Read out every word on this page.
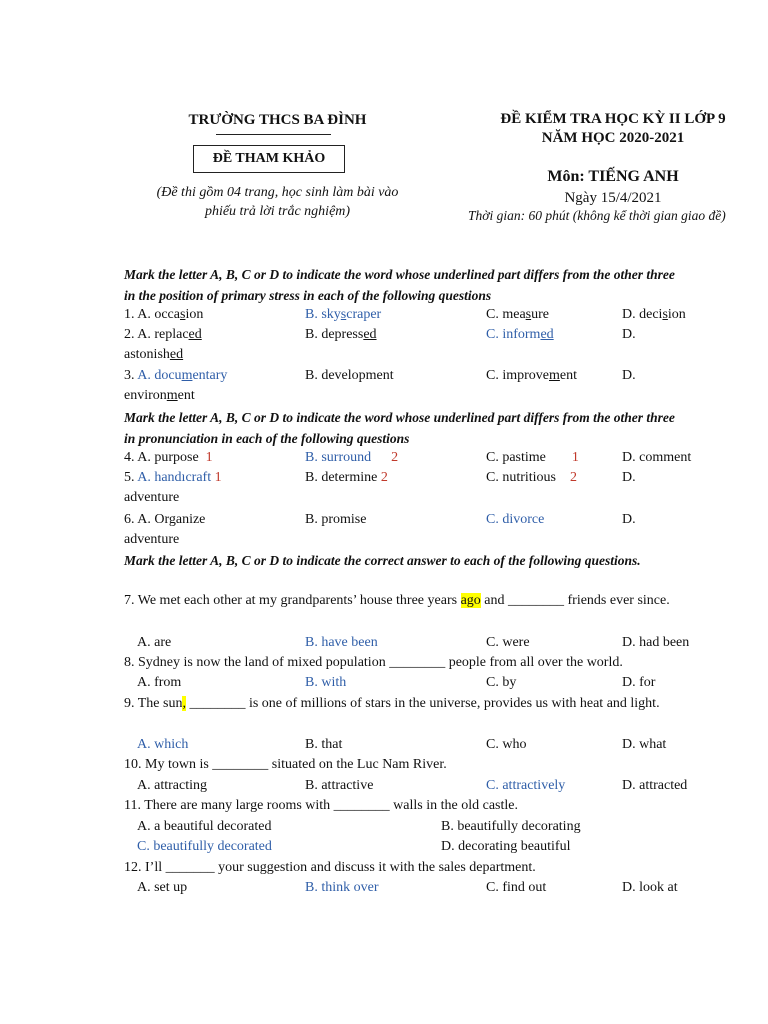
TRƯỜNG THCS BA ĐÌNH
ĐỀ THAM KHẢO
(Đề thi gồm 04 trang, học sinh làm bài vào
phiếu trả lời trắc nghiệm)
ĐỀ KIỂM TRA HỌC KỲ II LỚP 9
NĂM HỌC 2020-2021
Môn: TIẾNG ANH
Ngày 15/4/2021
Thời gian: 60 phút (không kể thời gian giao đề)
Mark the letter A, B, C or D to indicate the word whose underlined part differs from the other three in the position of primary stress in each of the following questions
1. A. occasion	B. skyscraper	C. measure	D. decision
2. A. replaced	B. depressed	C. informed	D.
astonished
3. A. documentary	B. development	C. improvement	D.
environment
Mark the letter A, B, C or D to indicate the word whose underlined part differs from the other three in pronunciation in each of the following questions
4. A. purpose 1	B. surround 2	C. pastime 1	D. comment
5. A. handıcraft 1	B. determine 2	C. nutritious 2	D.
adventure
6. A. Organize	B. promise	C. divorce	D.
adventure
Mark the letter A, B, C or D to indicate the correct answer to each of the following questions.
7. We met each other at my grandparents’ house three years ago and ________ friends ever since.
A. are	B. have been	C. were	D. had been
8. Sydney is now the land of mixed population ________ people from all over the world.
A. from	B. with	C. by	D. for
9. The sun, ________ is one of millions of stars in the universe, provides us with heat and light.
A. which	B. that	C. who	D. what
10. My town is ________ situated on the Luc Nam River.
A. attracting	B. attractive	C. attractively	D. attracted
11. There are many large rooms with ________ walls in the old castle.
A. a beautiful decorated	B. beautifully decorating
C. beautifully decorated	D. decorating beautiful
12. I’ll _______ your suggestion and discuss it with the sales department.
A. set up	B. think over	C. find out	D. look at
